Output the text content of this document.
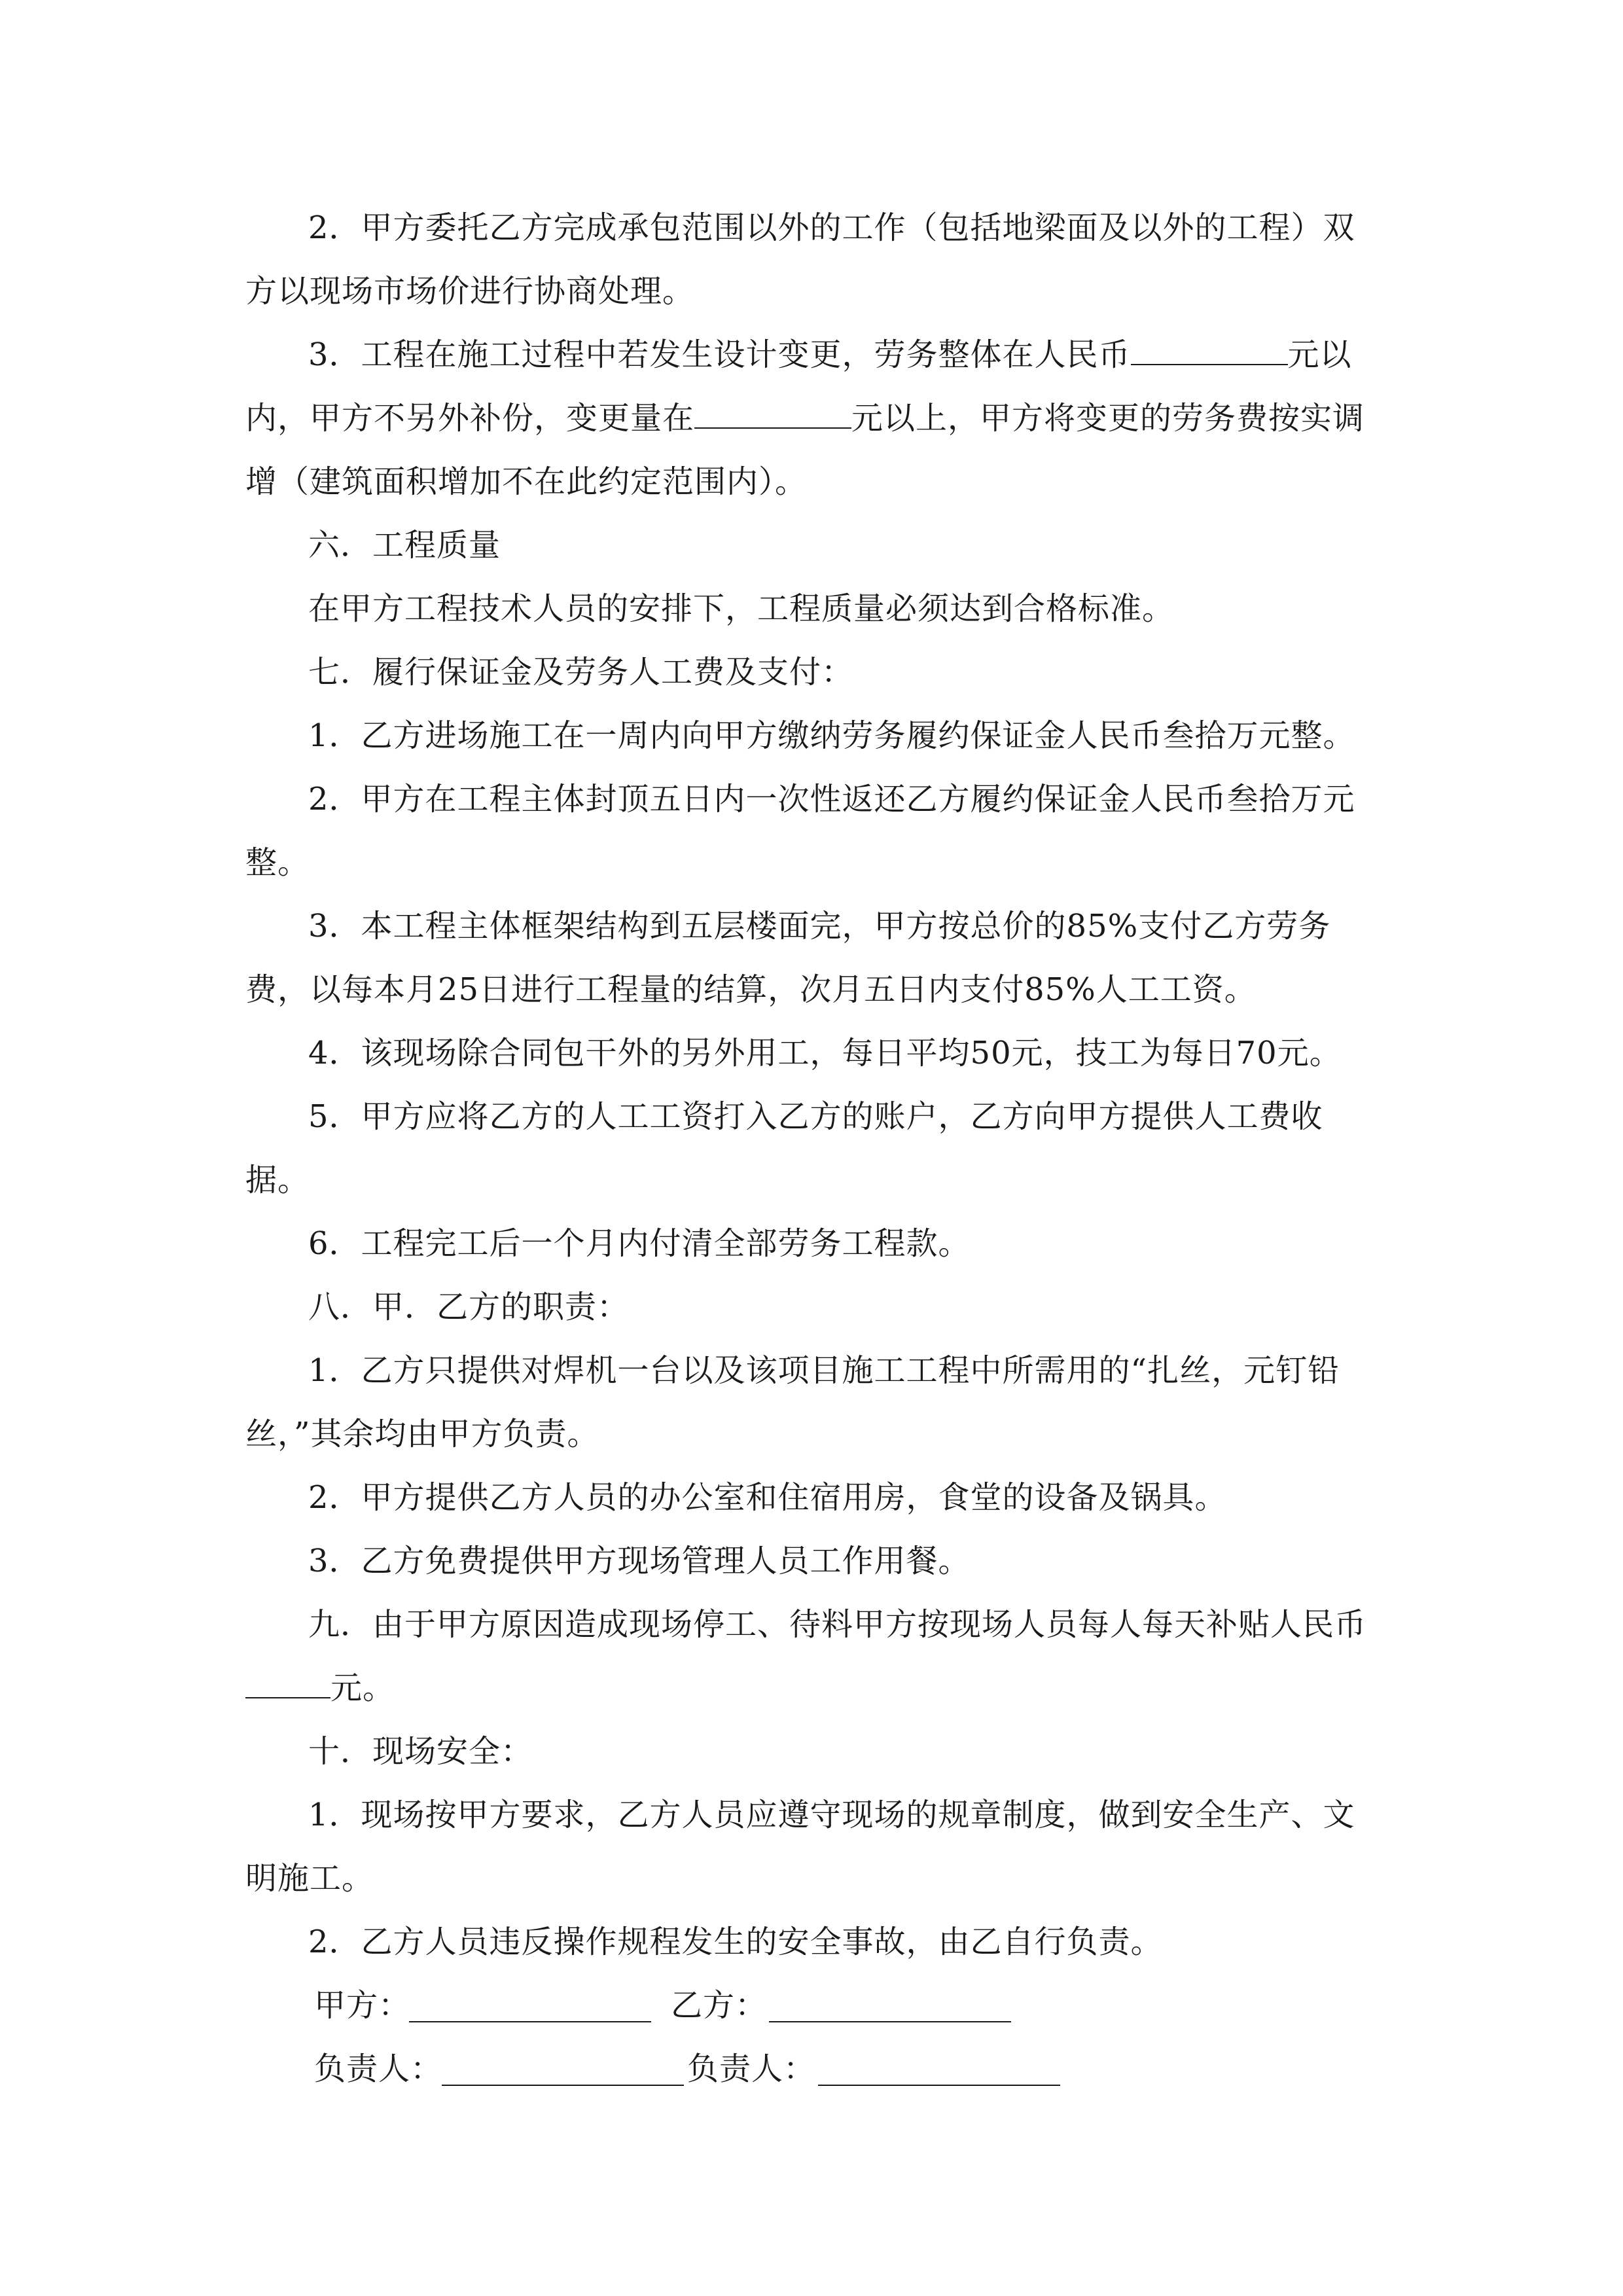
2．甲方委托乙方完成承包范围以外的工作（包括地梁面及以外的工程）双方以现场市场价进行协商处理。

3．工程在施工过程中若发生设计变更，劳务整体在人民币	元以内，甲方不另外补份，变更量在	元以上，甲方将变更的劳务费按实调增（建筑面积增加不在此约定范围内）。

六．工程质量

在甲方工程技术人员的安排下，工程质量必须达到合格标准。

七．履行保证金及劳务人工费及支付：

1．乙方进场施工在一周内向甲方缴纳劳务履约保证金人民币叁拾万元整。

2．甲方在工程主体封顶五日内一次性返还乙方履约保证金人民币叁拾万元整。

3．本工程主体框架结构到五层楼面完，甲方按总价的85%支付乙方劳务费，以每本月25日进行工程量的结算，次月五日内支付85%人工工资。

4．该现场除合同包干外的另外用工，每日平均50元，技工为每日70元。

5．甲方应将乙方的人工工资打入乙方的账户，乙方向甲方提供人工费收据。

6．工程完工后一个月内付清全部劳务工程款。

八．甲．乙方的职责：

1．乙方只提供对焊机一台以及该项目施工工程中所需用的“扎丝，元钉铅丝，”其余均由甲方负责。

2．甲方提供乙方人员的办公室和住宿用房，食堂的设备及锅具。

3．乙方免费提供甲方现场管理人员工作用餐。

九．由于甲方原因造成现场停工、待料甲方按现场人员每人每天补贴人民币元。

十．现场安全：

1．现场按甲方要求，乙方人员应遵守现场的规章制度，做到安全生产、文明施工。

2．乙方人员违反操作规程发生的安全事故，由乙自行负责。

甲方：	乙方：
负责人：	负责人：
